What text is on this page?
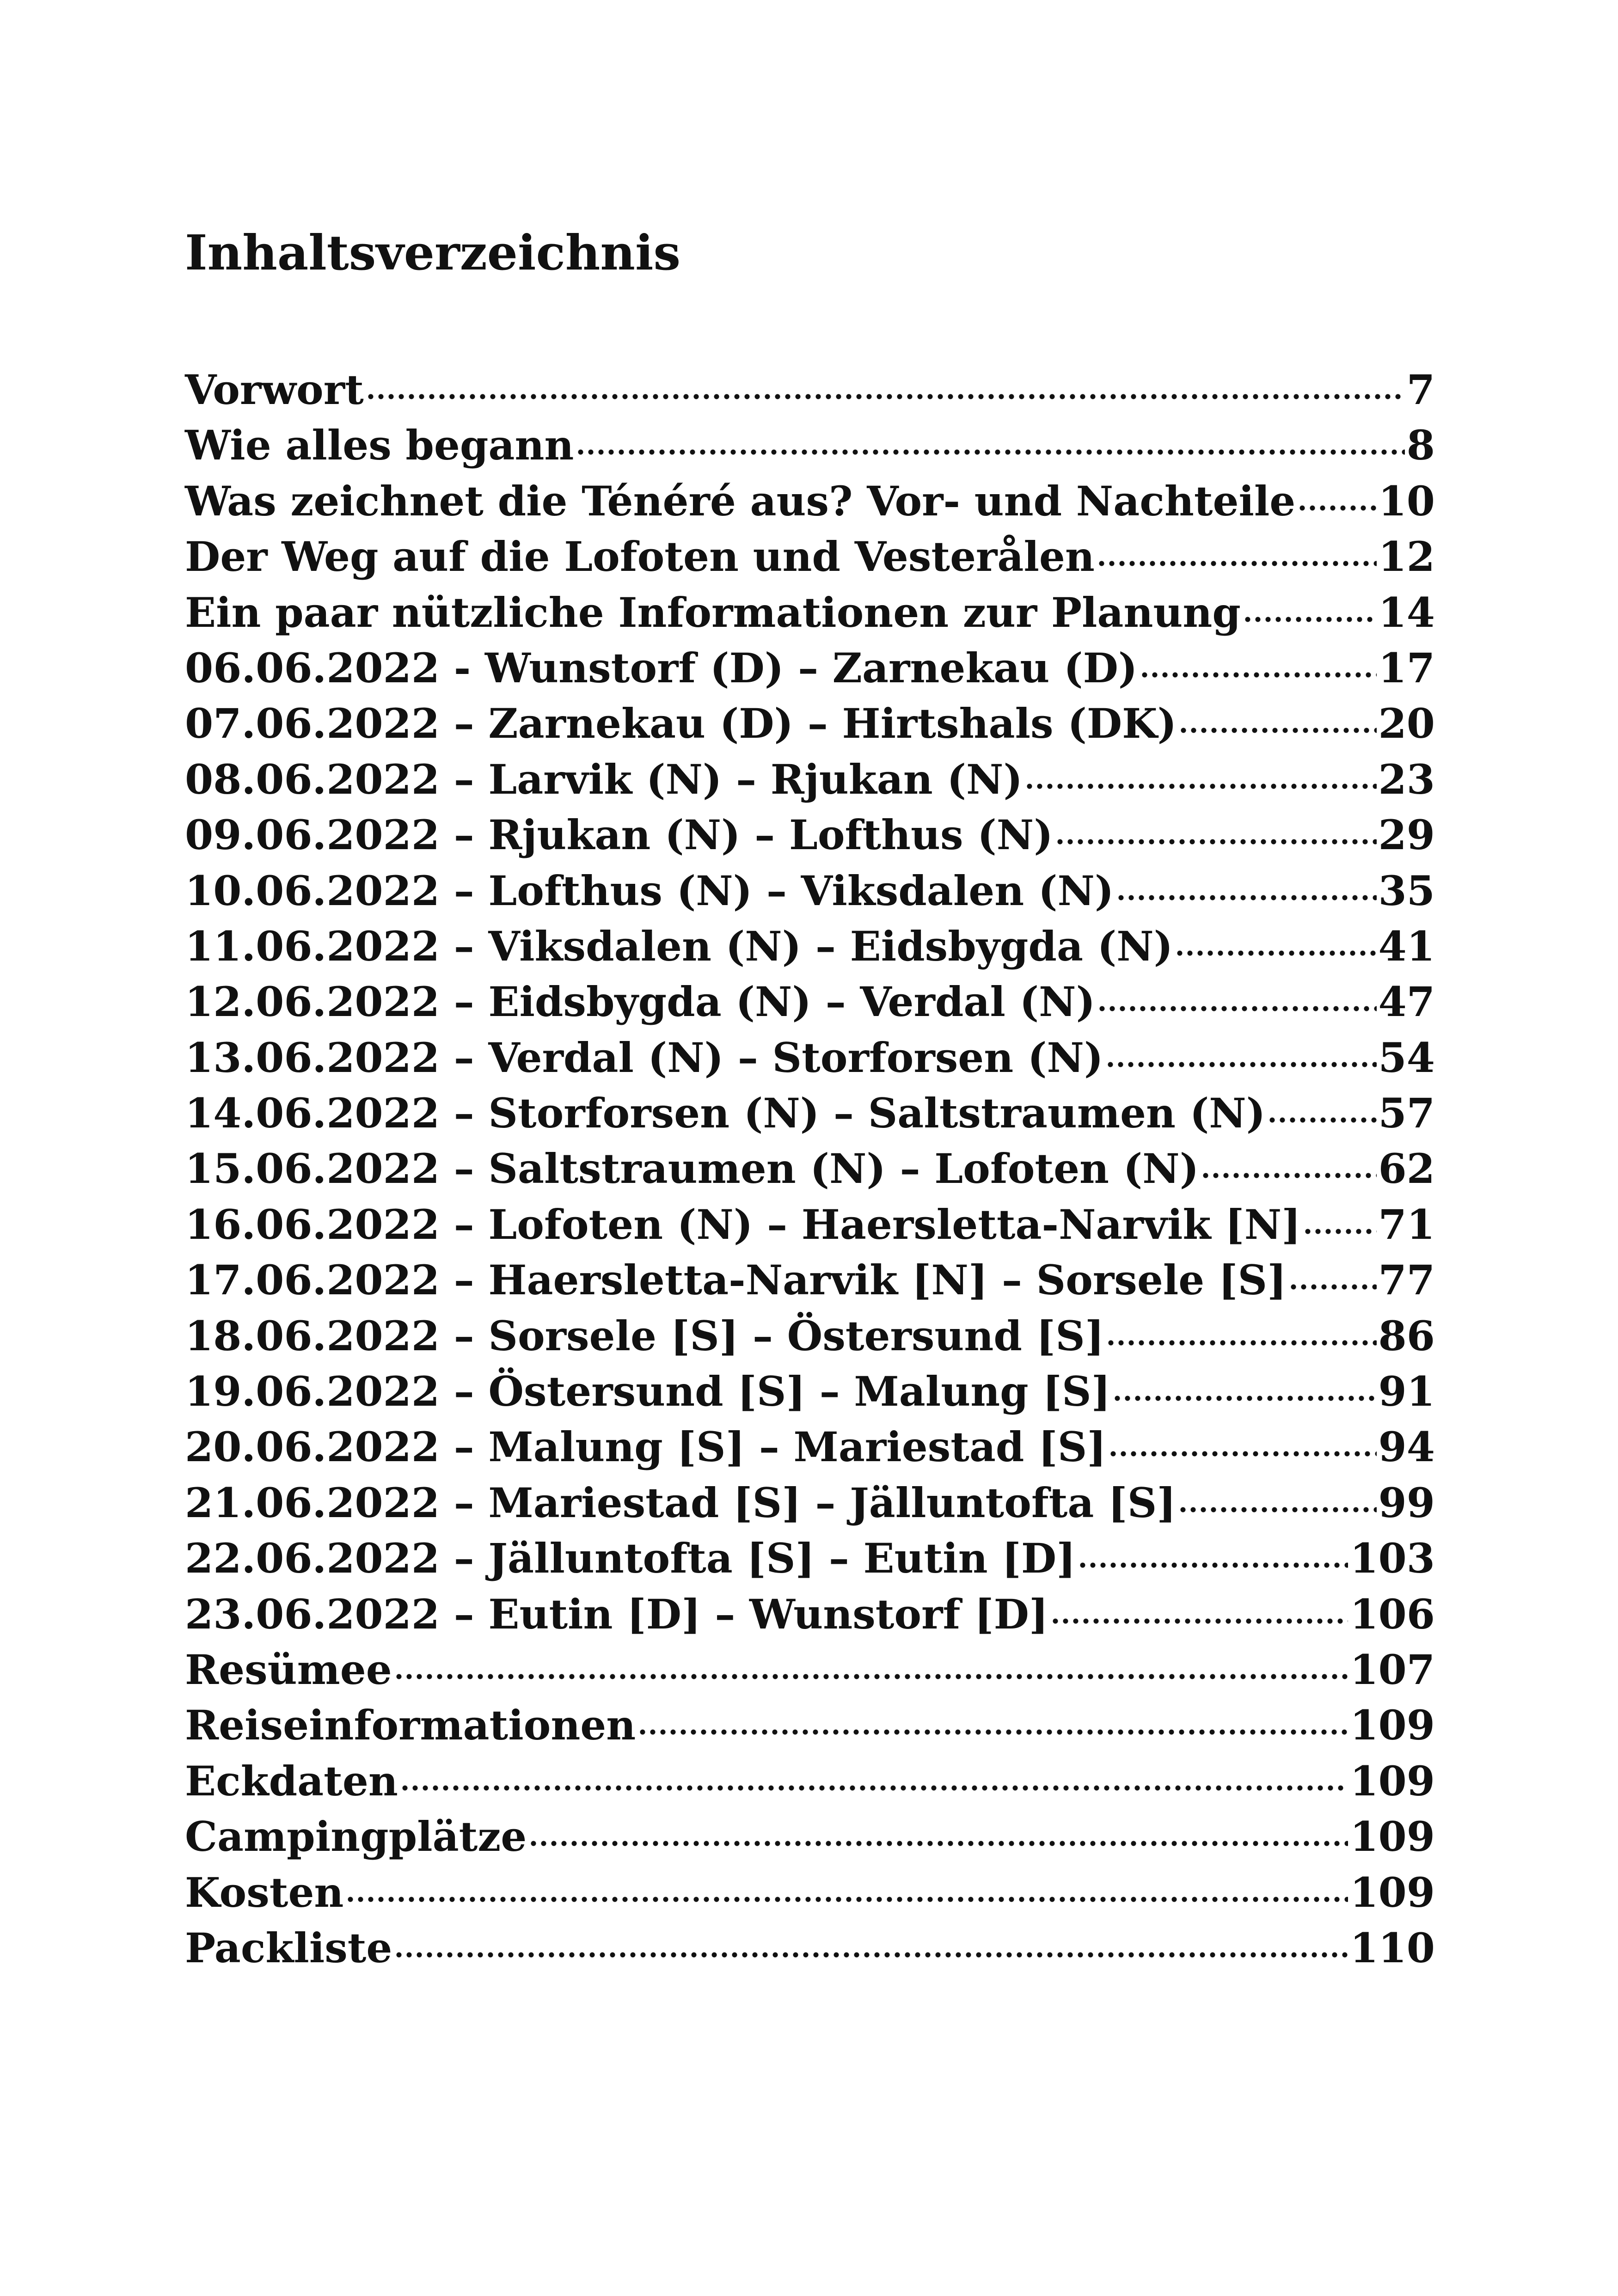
Inhaltsverzeichnis
Vorwort	7
Wie alles begann	8
Was zeichnet die Ténéré aus? Vor- und Nachteile 10
Der Weg auf die Lofoten und Vesterålen	12
Ein paar nützliche Informationen zur Planung	14
06.06.2022 - Wunstorf (D) – Zarnekau (D)	17
07.06.2022 – Zarnekau (D) – Hirtshals (DK)	20
08.06.2022 – Larvik (N) – Rjukan (N)	23
09.06.2022 – Rjukan (N) – Lofthus (N)	29
10.06.2022 – Lofthus (N) – Viksdalen (N)	35
11.06.2022 – Viksdalen (N) – Eidsbygda (N)	41
12.06.2022 – Eidsbygda (N) – Verdal (N)	47
13.06.2022 – Verdal (N) – Storforsen (N)	54
14.06.2022 – Storforsen (N) – Saltstraumen (N)	57
15.06.2022 – Saltstraumen (N) – Lofoten (N)	62
16.06.2022 – Lofoten (N) – Haersletta-Narvik [N] 71
17.06.2022 – Haersletta-Narvik [N] – Sorsele [S] 77
18.06.2022 – Sorsele [S] – Östersund [S]	86
19.06.2022 – Östersund [S] – Malung [S]	91
20.06.2022 – Malung [S] – Mariestad [S]	94
21.06.2022 – Mariestad [S] – Jälluntofta [S]	99
22.06.2022 – Jälluntofta [S] – Eutin [D]	103
23.06.2022 – Eutin [D] – Wunstorf [D]	106
Resümee	107
Reiseinformationen	109
Eckdaten	109
Campingplätze	109
Kosten	109
Packliste	110
